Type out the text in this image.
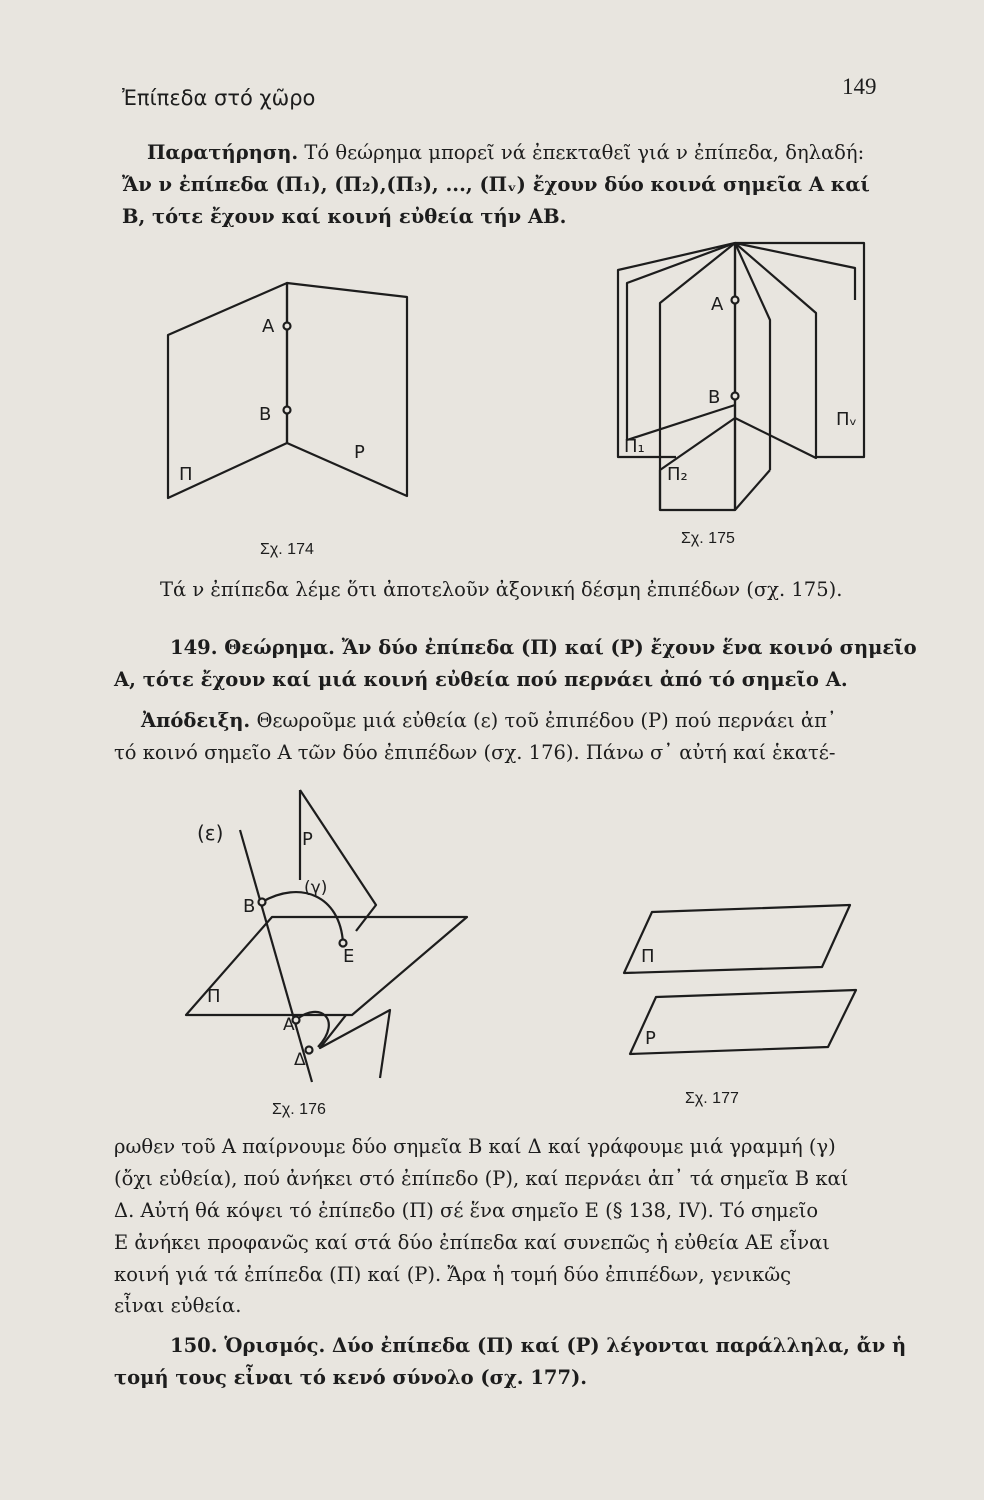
Ἐπίπεδα στό χῶρο	149

Παρατήρηση. Τό θεώρημα μπορεῖ νά ἐπεκταθεῖ γιά ν ἐπίπεδα, δηλαδή:

Ἄν ν ἐπίπεδα (Π₁), (Π₂),(Π₃), ..., (Πᵥ) ἔχουν δύο κοινά σημεῖα Α καί

Β, τότε ἔχουν καί κοινή εὐθεία τήν ΑΒ.

A
B
P
Π
A
B
Π₁
Π₂
Πᵥ
(ε)	P
(γ)
B
E
Π
A
Δ
Π
P
Σχ. 174
Σχ. 175

Τά ν ἐπίπεδα λέμε ὅτι ἀποτελοῦν ἀξονική δέσμη ἐπιπέδων (σχ. 175).

149. Θεώρημα. Ἄν δύο ἐπίπεδα (Π) καί (P) ἔχουν ἕνα κοινό σημεῖο

Α, τότε ἔχουν καί μιά κοινή εὐθεία πού περνάει ἀπό τό σημεῖο Α.

Ἀπόδειξη. Θεωροῦμε μιά εὐθεία (ε) τοῦ ἐπιπέδου (P) πού περνάει ἀπ᾽

τό κοινό σημεῖο Α τῶν δύο ἐπιπέδων (σχ. 176). Πάνω σ᾽ αὐτή καί ἑκατέ-

Σχ. 176
Σχ. 177

ρωθεν τοῦ Α παίρνουμε δύο σημεῖα Β καί Δ καί γράφουμε μιά γραμμή (γ)

(ὄχι εὐθεία), πού ἀνήκει στό ἐπίπεδο (P), καί περνάει ἀπ᾽ τά σημεῖα Β καί

Δ. Αὐτή θά κόψει τό ἐπίπεδο (Π) σέ ἕνα σημεῖο Ε (§ 138, IV). Τό σημεῖο

Ε ἀνήκει προφανῶς καί στά δύο ἐπίπεδα καί συνεπῶς ἡ εὐθεία ΑΕ εἶναι

κοινή γιά τά ἐπίπεδα (Π) καί (P). Ἄρα ἡ τομή δύο ἐπιπέδων, γενικῶς

εἶναι εὐθεία.

150. Ὁρισμός. Δύο ἐπίπεδα (Π) καί (P) λέγονται παράλληλα, ἄν ἡ

τομή τους εἶναι τό κενό σύνολο (σχ. 177).
